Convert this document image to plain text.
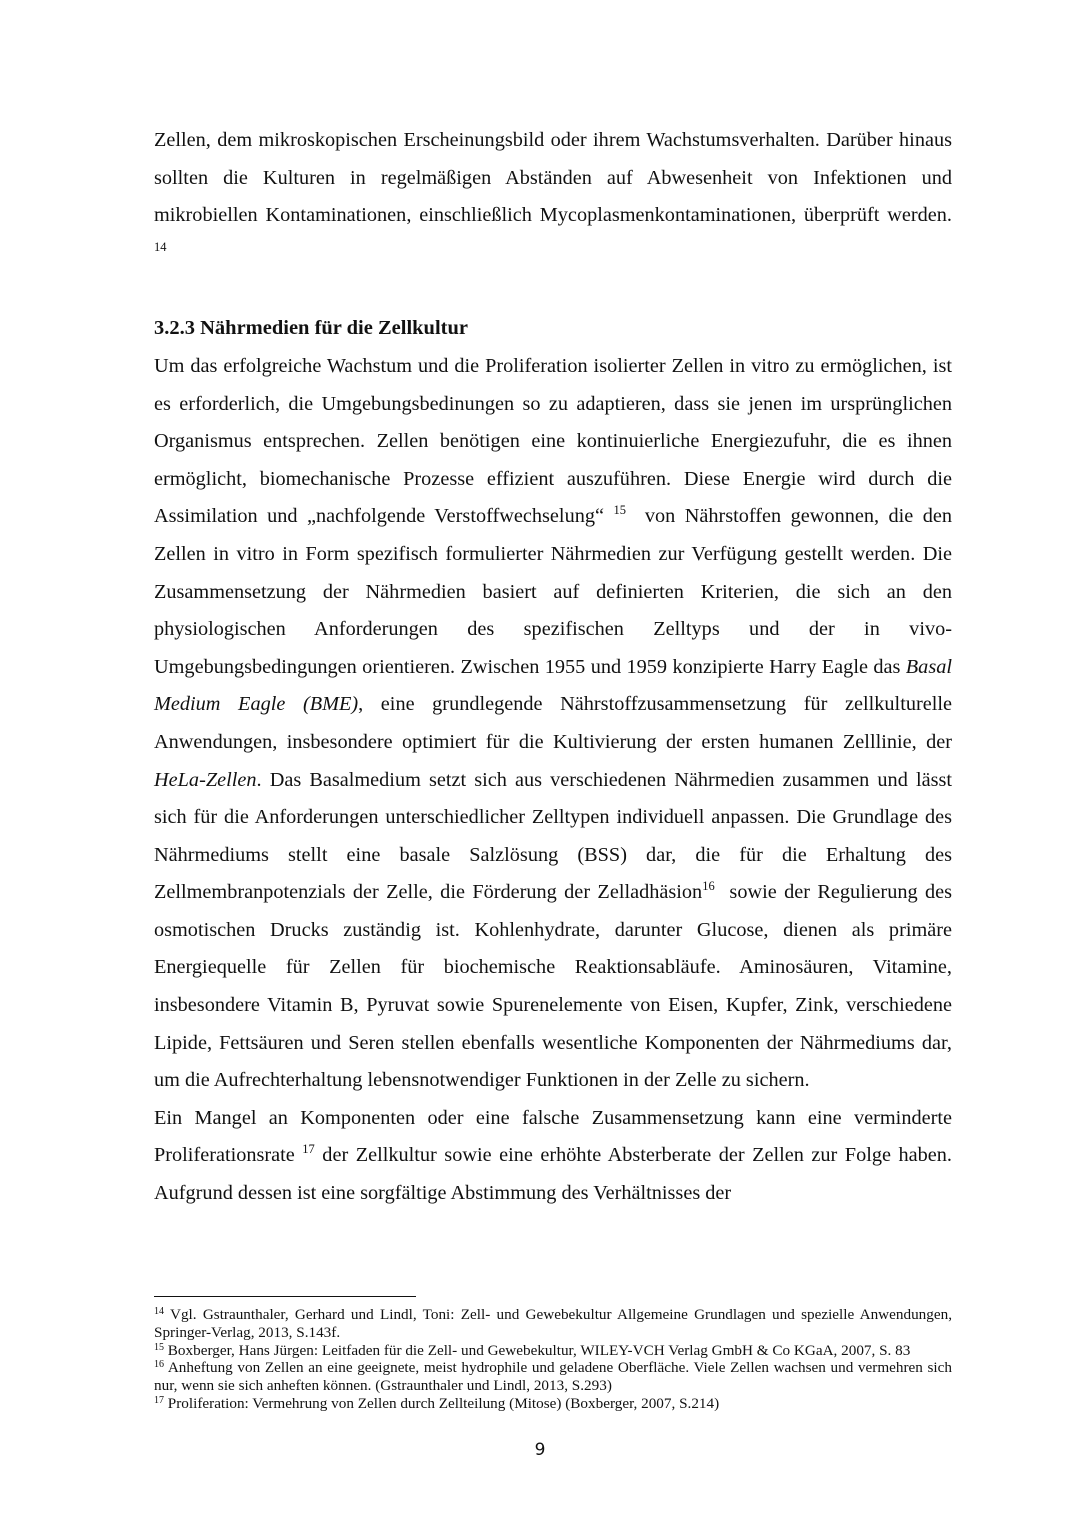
Zellen, dem mikroskopischen Erscheinungsbild oder ihrem Wachstumsverhalten. Darüber hinaus sollten die Kulturen in regelmäßigen Abständen auf Abwesenheit von Infektionen und mikrobiellen Kontaminationen, einschließlich Mycoplasmenkontaminationen, überprüft werden. $^{14}$

3.2.3 Nährmedien für die Zellkultur

Um das erfolgreiche Wachstum und die Proliferation isolierter Zellen in vitro zu ermöglichen, ist es erforderlich, die Umgebungsbedinungen so zu adaptieren, dass sie jenen im ursprünglichen Organismus entsprechen. Zellen benötigen eine kontinuierliche Energiezufuhr, die es ihnen ermöglicht, biomechanische Prozesse effizient auszuführen. Diese Energie wird durch die Assimilation und „nachfolgende Verstoffwechselung“ $^{15}$ von Nährstoffen gewonnen, die den Zellen in vitro in Form spezifisch formulierter Nährmedien zur Verfügung gestellt werden. Die Zusammensetzung der Nährmedien basiert auf definierten Kriterien, die sich an den physiologischen Anforderungen des spezifischen Zelltyps und der in vivo-Umgebungsbedingungen orientieren. Zwischen 1955 und 1959 konzipierte Harry Eagle das Basal Medium Eagle (BME), eine grundlegende Nährstoffzusammensetzung für zellkulturelle Anwendungen, insbesondere optimiert für die Kultivierung der ersten humanen Zelllinie, der HeLa-Zellen. Das Basalmedium setzt sich aus verschiedenen Nährmedien zusammen und lässt sich für die Anforderungen unterschiedlicher Zelltypen individuell anpassen. Die Grundlage des Nährmediums stellt eine basale Salzlösung (BSS) dar, die für die Erhaltung des Zellmembranpotenzials der Zelle, die Förderung der Zelladhäsion$^{16}$ sowie der Regulierung des osmotischen Drucks zuständig ist. Kohlenhydrate, darunter Glucose, dienen als primäre Energiequelle für Zellen für biochemische Reaktionsabläufe. Aminosäuren, Vitamine, insbesondere Vitamin B, Pyruvat sowie Spurenelemente von Eisen, Kupfer, Zink, verschiedene Lipide, Fettsäuren und Seren stellen ebenfalls wesentliche Komponenten der Nährmediums dar, um die Aufrechterhaltung lebensnotwendiger Funktionen in der Zelle zu sichern.

Ein Mangel an Komponenten oder eine falsche Zusammensetzung kann eine verminderte Proliferationsrate $^{17}$ der Zellkultur sowie eine erhöhte Absterberate der Zellen zur Folge haben. Aufgrund dessen ist eine sorgfältige Abstimmung des Verhältnisses der

$^{14}$ Vgl. Gstraunthaler, Gerhard und Lindl, Toni: Zell- und Gewebekultur Allgemeine Grundlagen und spezielle Anwendungen, Springer-Verlag, 2013, S.143f.

$^{15}$ Boxberger, Hans Jürgen: Leitfaden für die Zell- und Gewebekultur, WILEY-VCH Verlag GmbH & Co KGaA, 2007, S. 83

$^{16}$ Anheftung von Zellen an eine geeignete, meist hydrophile und geladene Oberfläche. Viele Zellen wachsen und vermehren sich nur, wenn sie sich anheften können. (Gstraunthaler und Lindl, 2013, S.293)

$^{17}$ Proliferation: Vermehrung von Zellen durch Zellteilung (Mitose) (Boxberger, 2007, S.214)

9
